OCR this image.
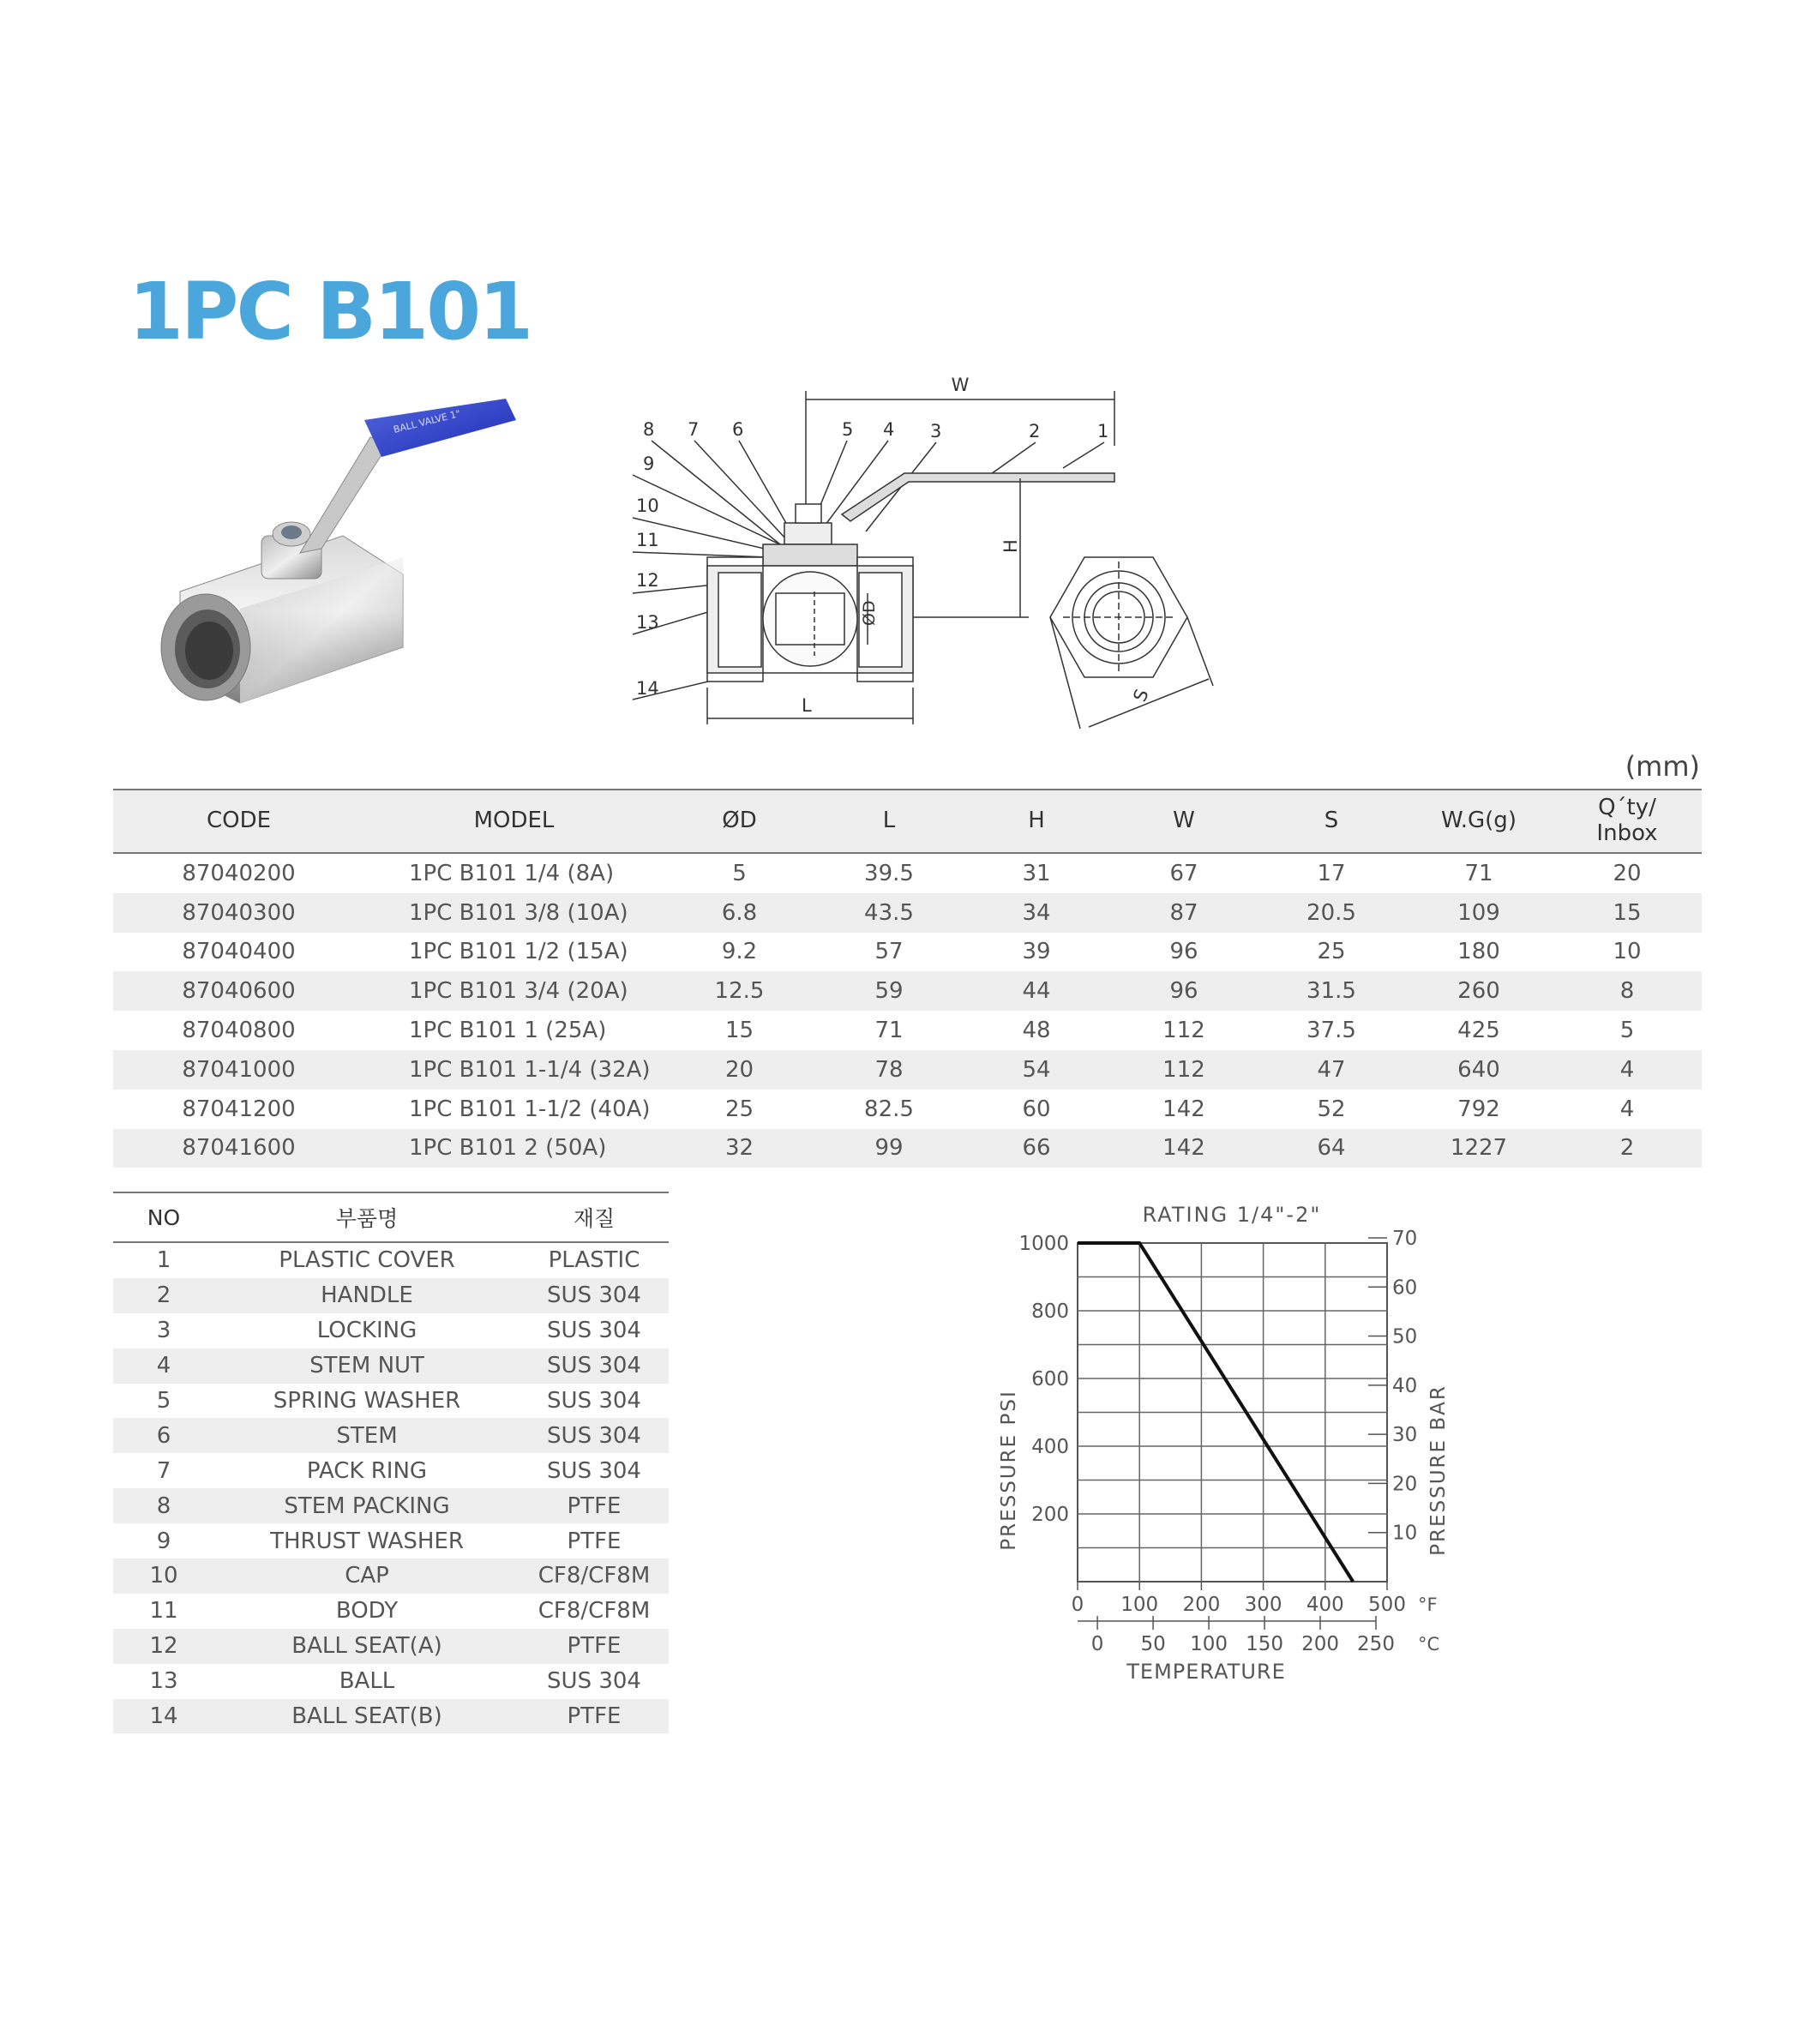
1PC B101
BALL VALVE 1"
W
8 7 6	5 4 3	2	1
9
10
11
12
13
14
ØD
L
H
S
(mm)
CODE	MODEL	ØD	L	H	W	S	W.G(g)	Q´ty/
Inbox
87040200	1PC B101 1/4 (8A)	5	39.5	31	67	17	71	20
87040300	1PC B101 3/8 (10A)	6.8	43.5	34	87	20.5	109	15
87040400	1PC B101 1/2 (15A)	9.2	57	39	96	25	180	10
87040600	1PC B101 3/4 (20A)	12.5	59	44	96	31.5	260	8
87040800	1PC B101 1 (25A)	15	71	48	112	37.5	425	5
87041000	1PC B101 1-1/4 (32A)	20	78	54	112	47	640	4
87041200	1PC B101 1-1/2 (40A)	25	82.5	60	142	52	792	4
87041600	1PC B101 2 (50A)	32	99	66	142	64	1227	2
NO	부품명	재질
1	PLASTIC COVER	PLASTIC
2	HANDLE	SUS 304
3	LOCKING	SUS 304
4	STEM NUT	SUS 304
5	SPRING WASHER	SUS 304
6	STEM	SUS 304
7	PACK RING	SUS 304
8	STEM PACKING	PTFE
9	THRUST WASHER	PTFE
10	CAP	CF8/CF8M
11	BODY	CF8/CF8M
12	BALL SEAT(A)	PTFE
13	BALL	SUS 304
14	BALL SEAT(B)	PTFE
RATING 1/4"-2"
200
400
600
800
1000
10
20
30
40
50
60
70
0 100 200 300 400 500 °F
0 50 100 150 200 250 °C
PRESSURE PSI	PRESSURE BAR
TEMPERATURE
